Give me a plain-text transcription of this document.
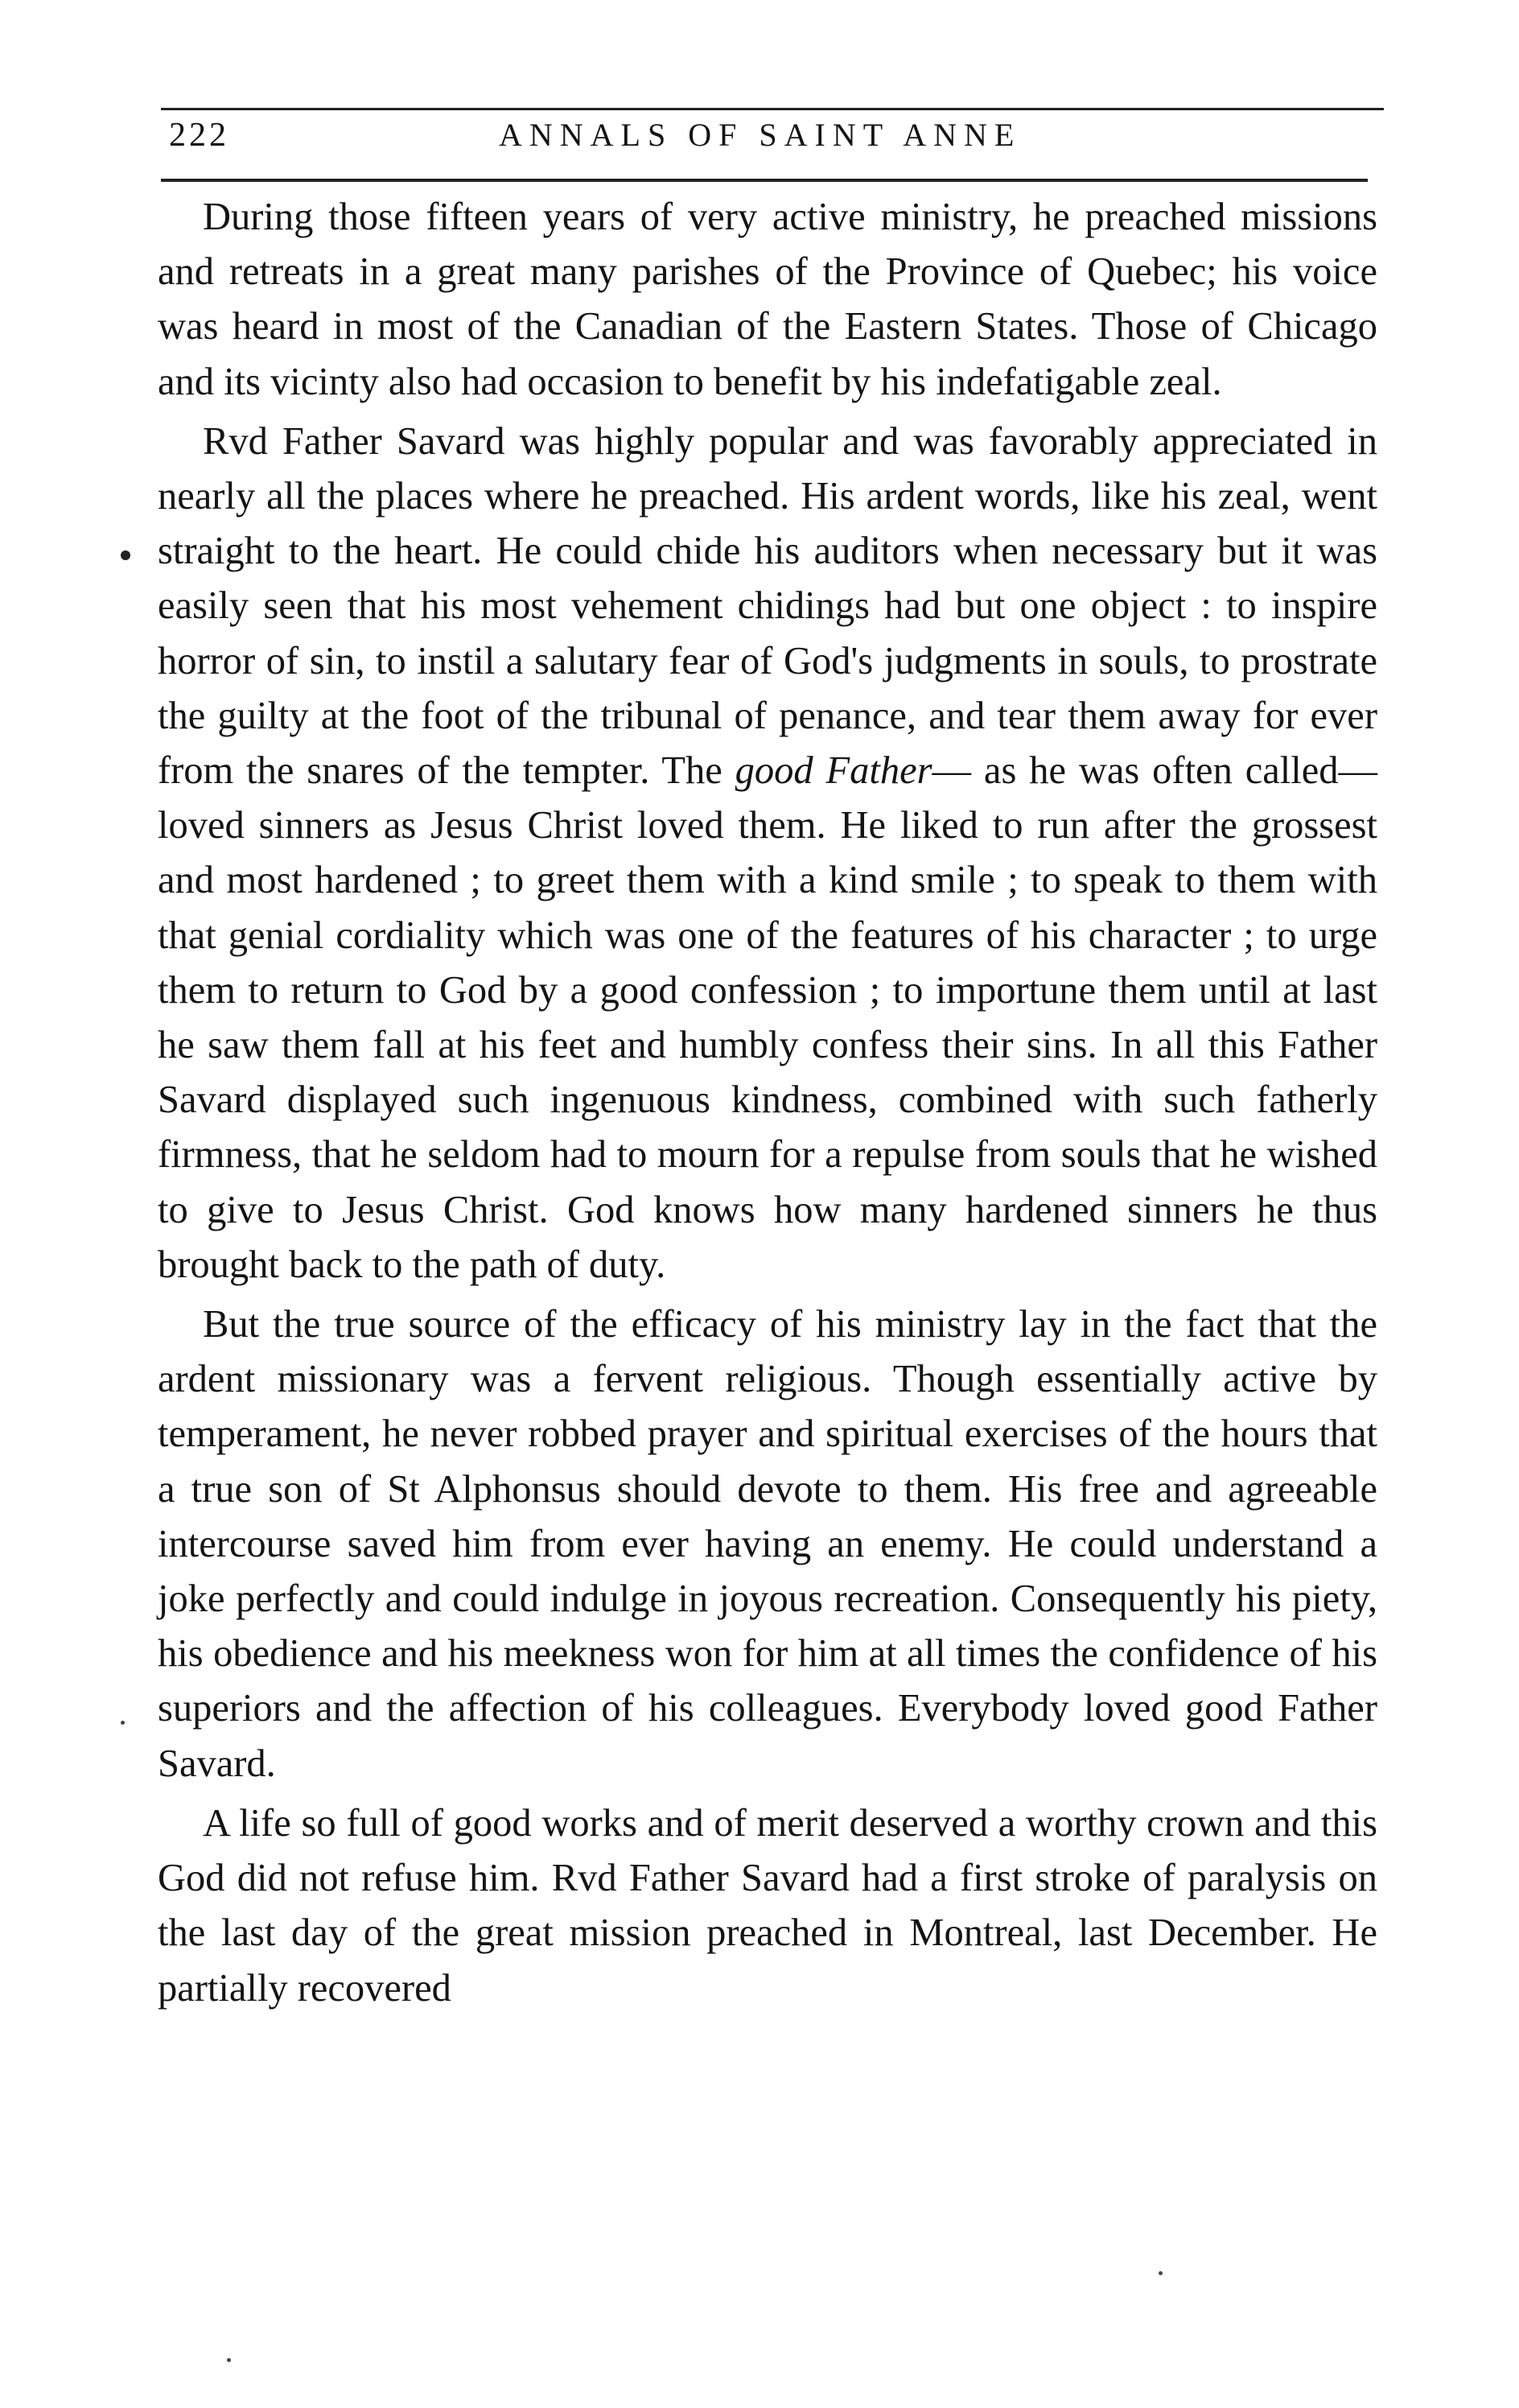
222	ANNALS OF SAINT ANNE

During those fifteen years of very active ministry, he preached missions and retreats in a great many parishes of the Province of Quebec; his voice was heard in most of the Canadian of the Eastern States. Those of Chicago and its vicinty also had occasion to benefit by his indefatigable zeal.

Rvd Father Savard was highly popular and was favorably appreciated in nearly all the places where he preached. His ardent words, like his zeal, went straight to the heart. He could chide his auditors when necessary but it was easily seen that his most vehement chidings had but one object : to inspire horror of sin, to instil a salutary fear of God's judgments in souls, to prostrate the guilty at the foot of the tribunal of penance, and tear them away for ever from the snares of the tempter. The good Father— as he was often called— loved sinners as Jesus Christ loved them. He liked to run after the grossest and most hardened ; to greet them with a kind smile ; to speak to them with that genial cordiality which was one of the features of his character ; to urge them to return to God by a good confession ; to importune them until at last he saw them fall at his feet and humbly confess their sins. In all this Father Savard displayed such ingenuous kindness, combined with such fatherly firmness, that he seldom had to mourn for a repulse from souls that he wished to give to Jesus Christ. God knows how many hardened sinners he thus brought back to the path of duty.

But the true source of the efficacy of his ministry lay in the fact that the ardent missionary was a fervent religious. Though essentially active by temperament, he never robbed prayer and spiritual exercises of the hours that a true son of St Alphonsus should devote to them. His free and agreeable intercourse saved him from ever having an enemy. He could understand a joke perfectly and could indulge in joyous recreation. Consequently his piety, his obedience and his meekness won for him at all times the confidence of his superiors and the affection of his colleagues. Everybody loved good Father Savard.

A life so full of good works and of merit deserved a worthy crown and this God did not refuse him. Rvd Father Savard had a first stroke of paralysis on the last day of the great mission preached in Montreal, last December. He partially recovered
